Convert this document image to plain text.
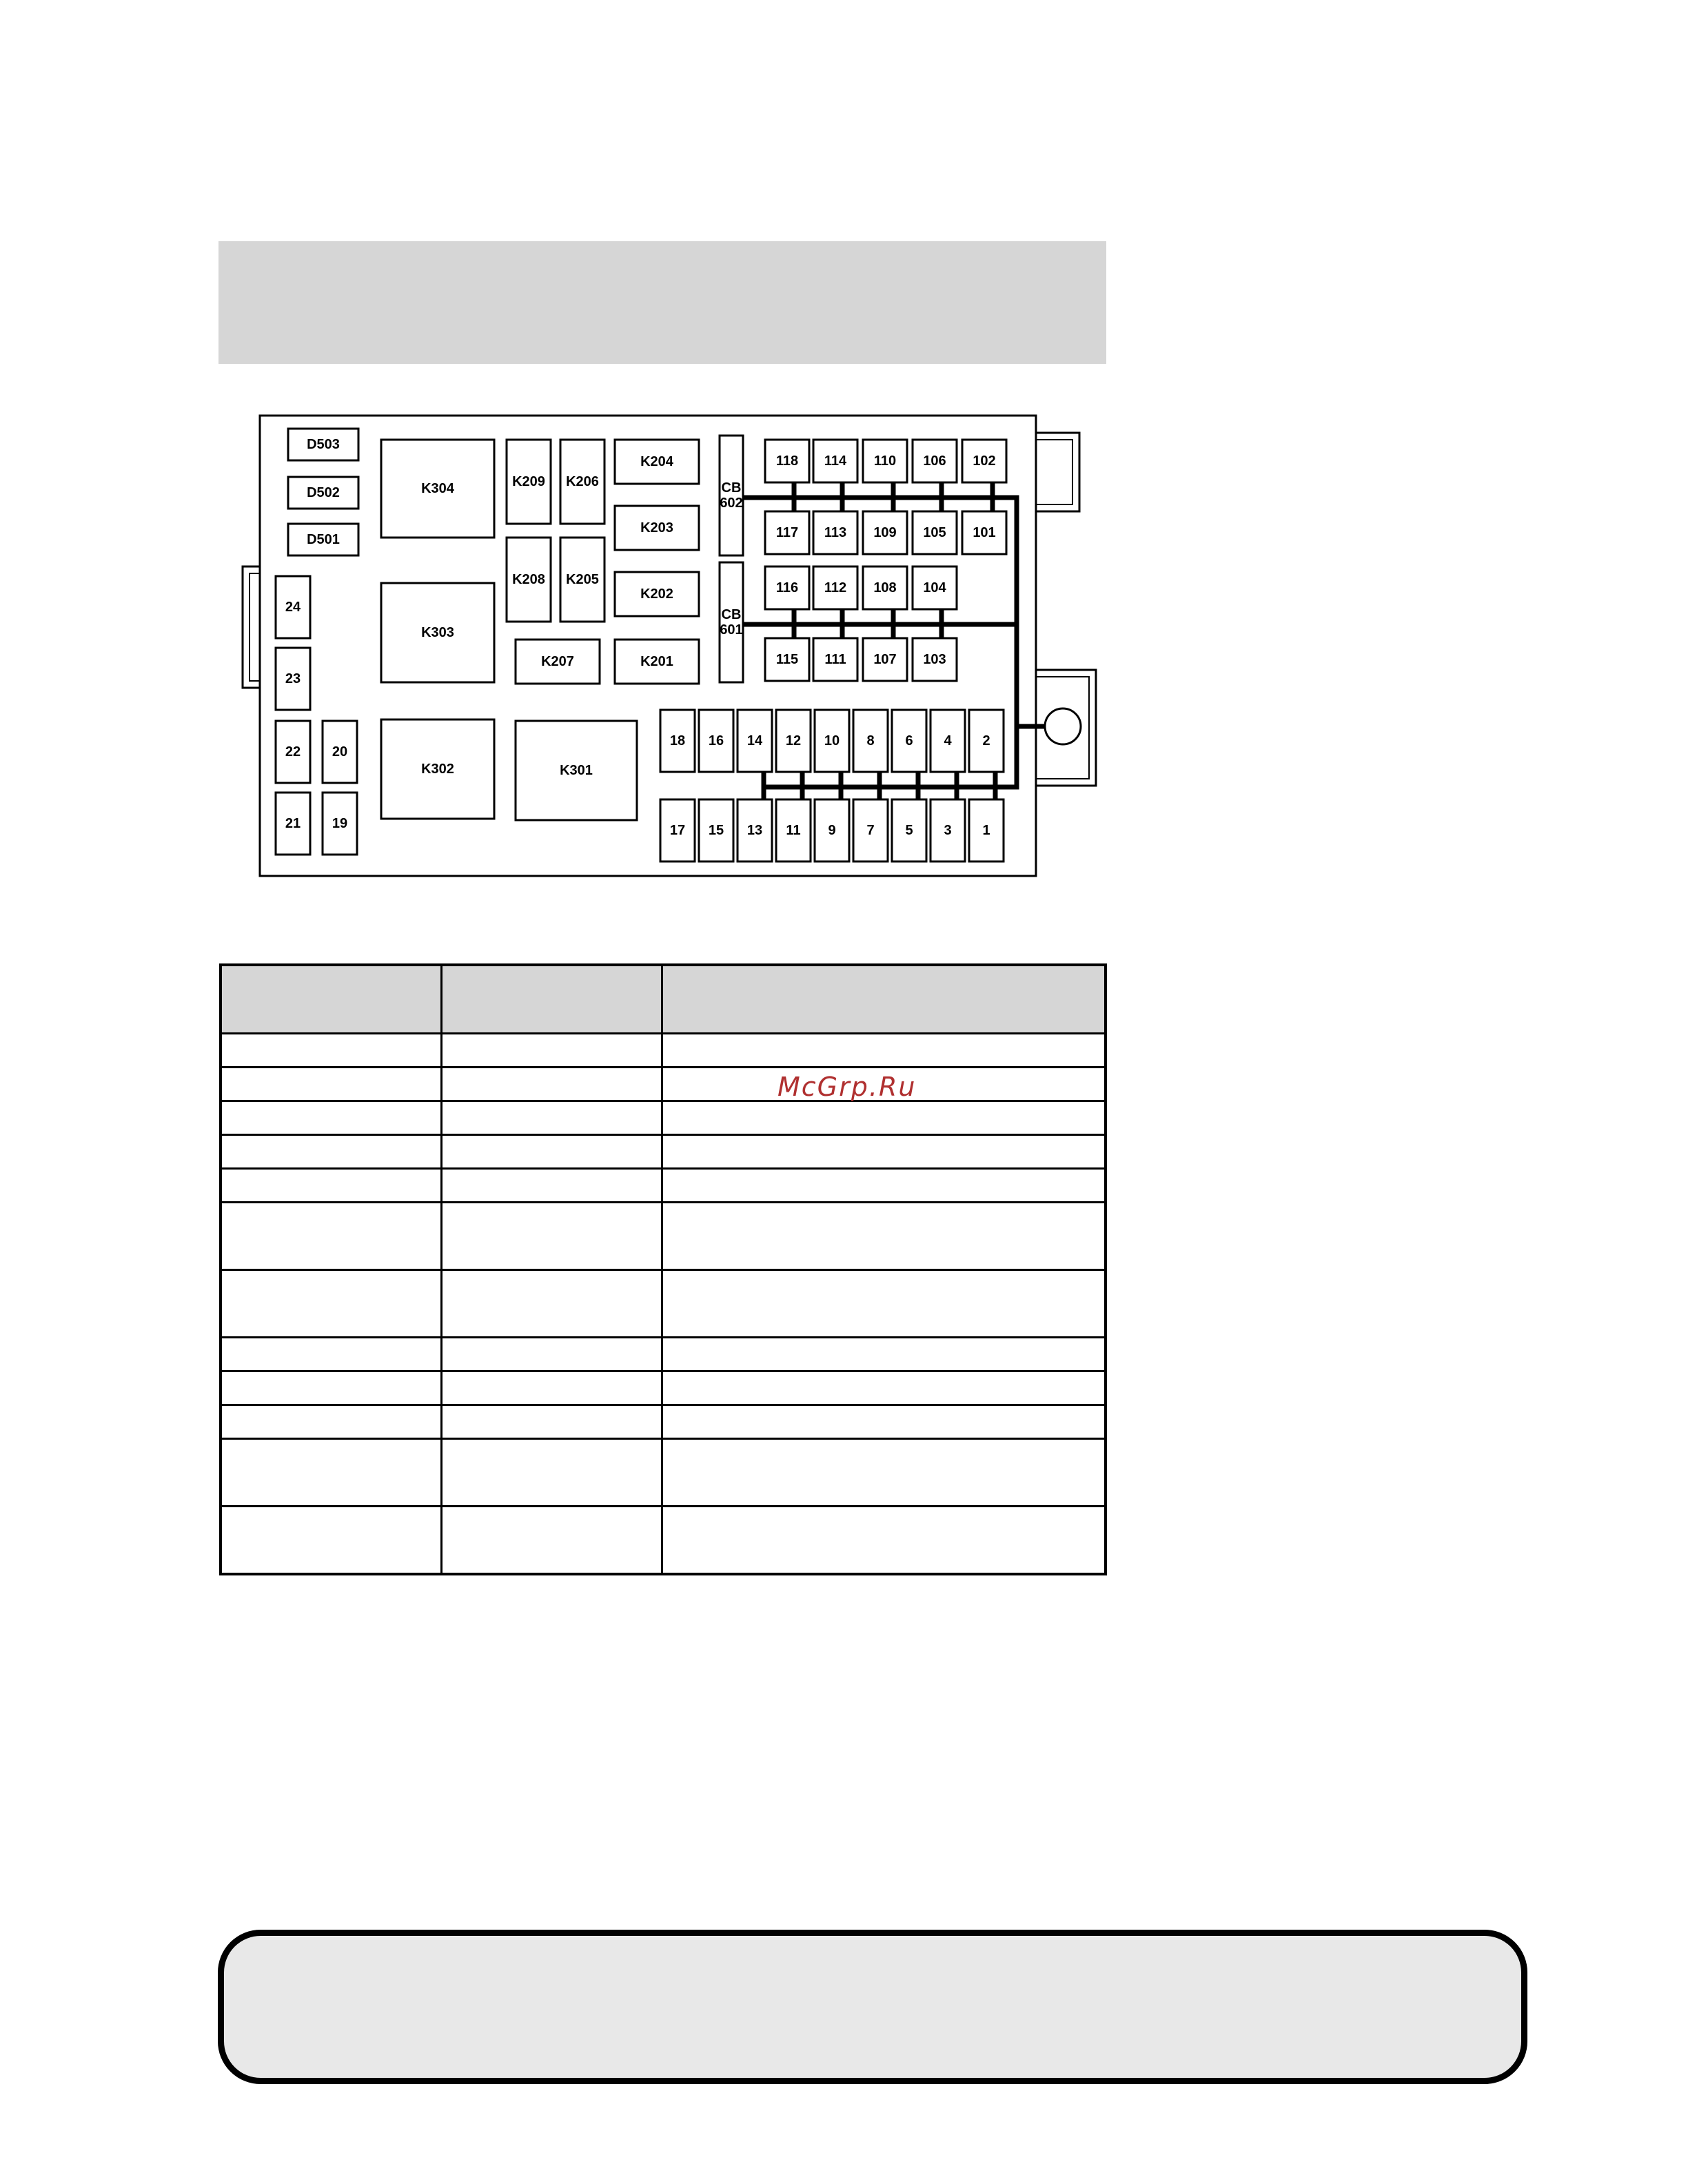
D503
D502
D501
K304
K303
K302	K301
K209 K206
K208 K205
K207
K204
K203
K202
K201
CB
602
CB
601
24
23
22 20
21 19
118 114 110 106 102
117 113 109 105 101
116 112 108 104
115 111 107 103
18 16 14 12 10 8 6 4 2
17 15 13 11 9 7 5 3 1

McGrp.Ru
